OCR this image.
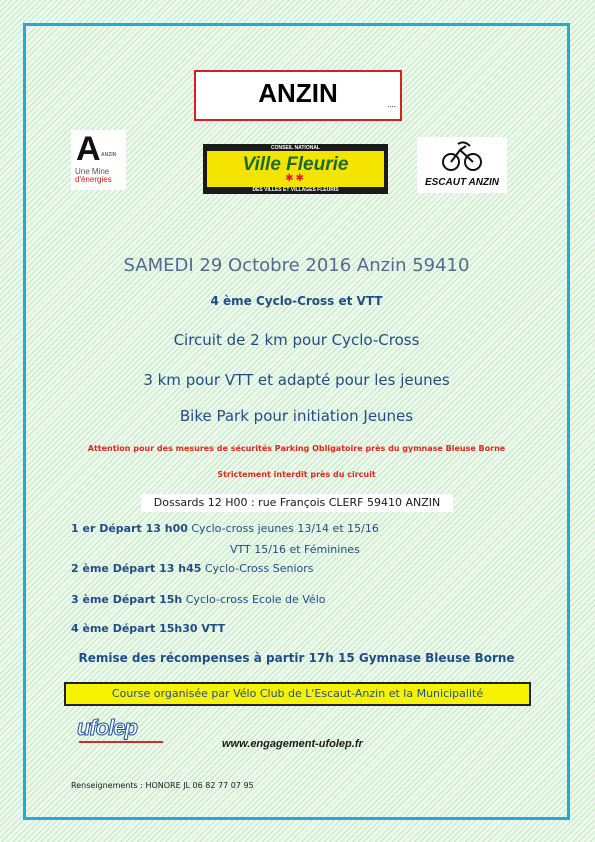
ANZIN	....
A ANZIN
Une Mine
d'énergies
CONSEIL NATIONAL
Ville Fleurie
✱✱
DES VILLES ET VILLAGES FLEURIS
ESCAUT ANZIN
SAMEDI 29 Octobre 2016 Anzin 59410
4 ème Cyclo-Cross et VTT
Circuit de 2 km pour Cyclo-Cross
3 km pour VTT et adapté pour les jeunes
Bike Park pour initiation Jeunes
Attention pour des mesures de sécurités Parking Obligatoire près du gymnase Bleuse Borne
Strictement interdit près du circuit
Dossards 12 H00 : rue François CLERF 59410 ANZIN
1 er Départ 13 h00 Cyclo-cross jeunes 13/14 et 15/16
VTT 15/16 et Féminines
2 ème Départ 13 h45 Cyclo-Cross Seniors
3 ème Départ 15h Cyclo-cross Ecole de Vélo
4 ème Départ 15h30 VTT
Remise des récompenses à partir 17h 15 Gymnase Bleuse Borne
Course organisée par Vélo Club de L'Escaut-Anzin et la Municipalité
ufolep
www.engagement-ufolep.fr
Renseignements : HONORE JL 06 82 77 07 95
